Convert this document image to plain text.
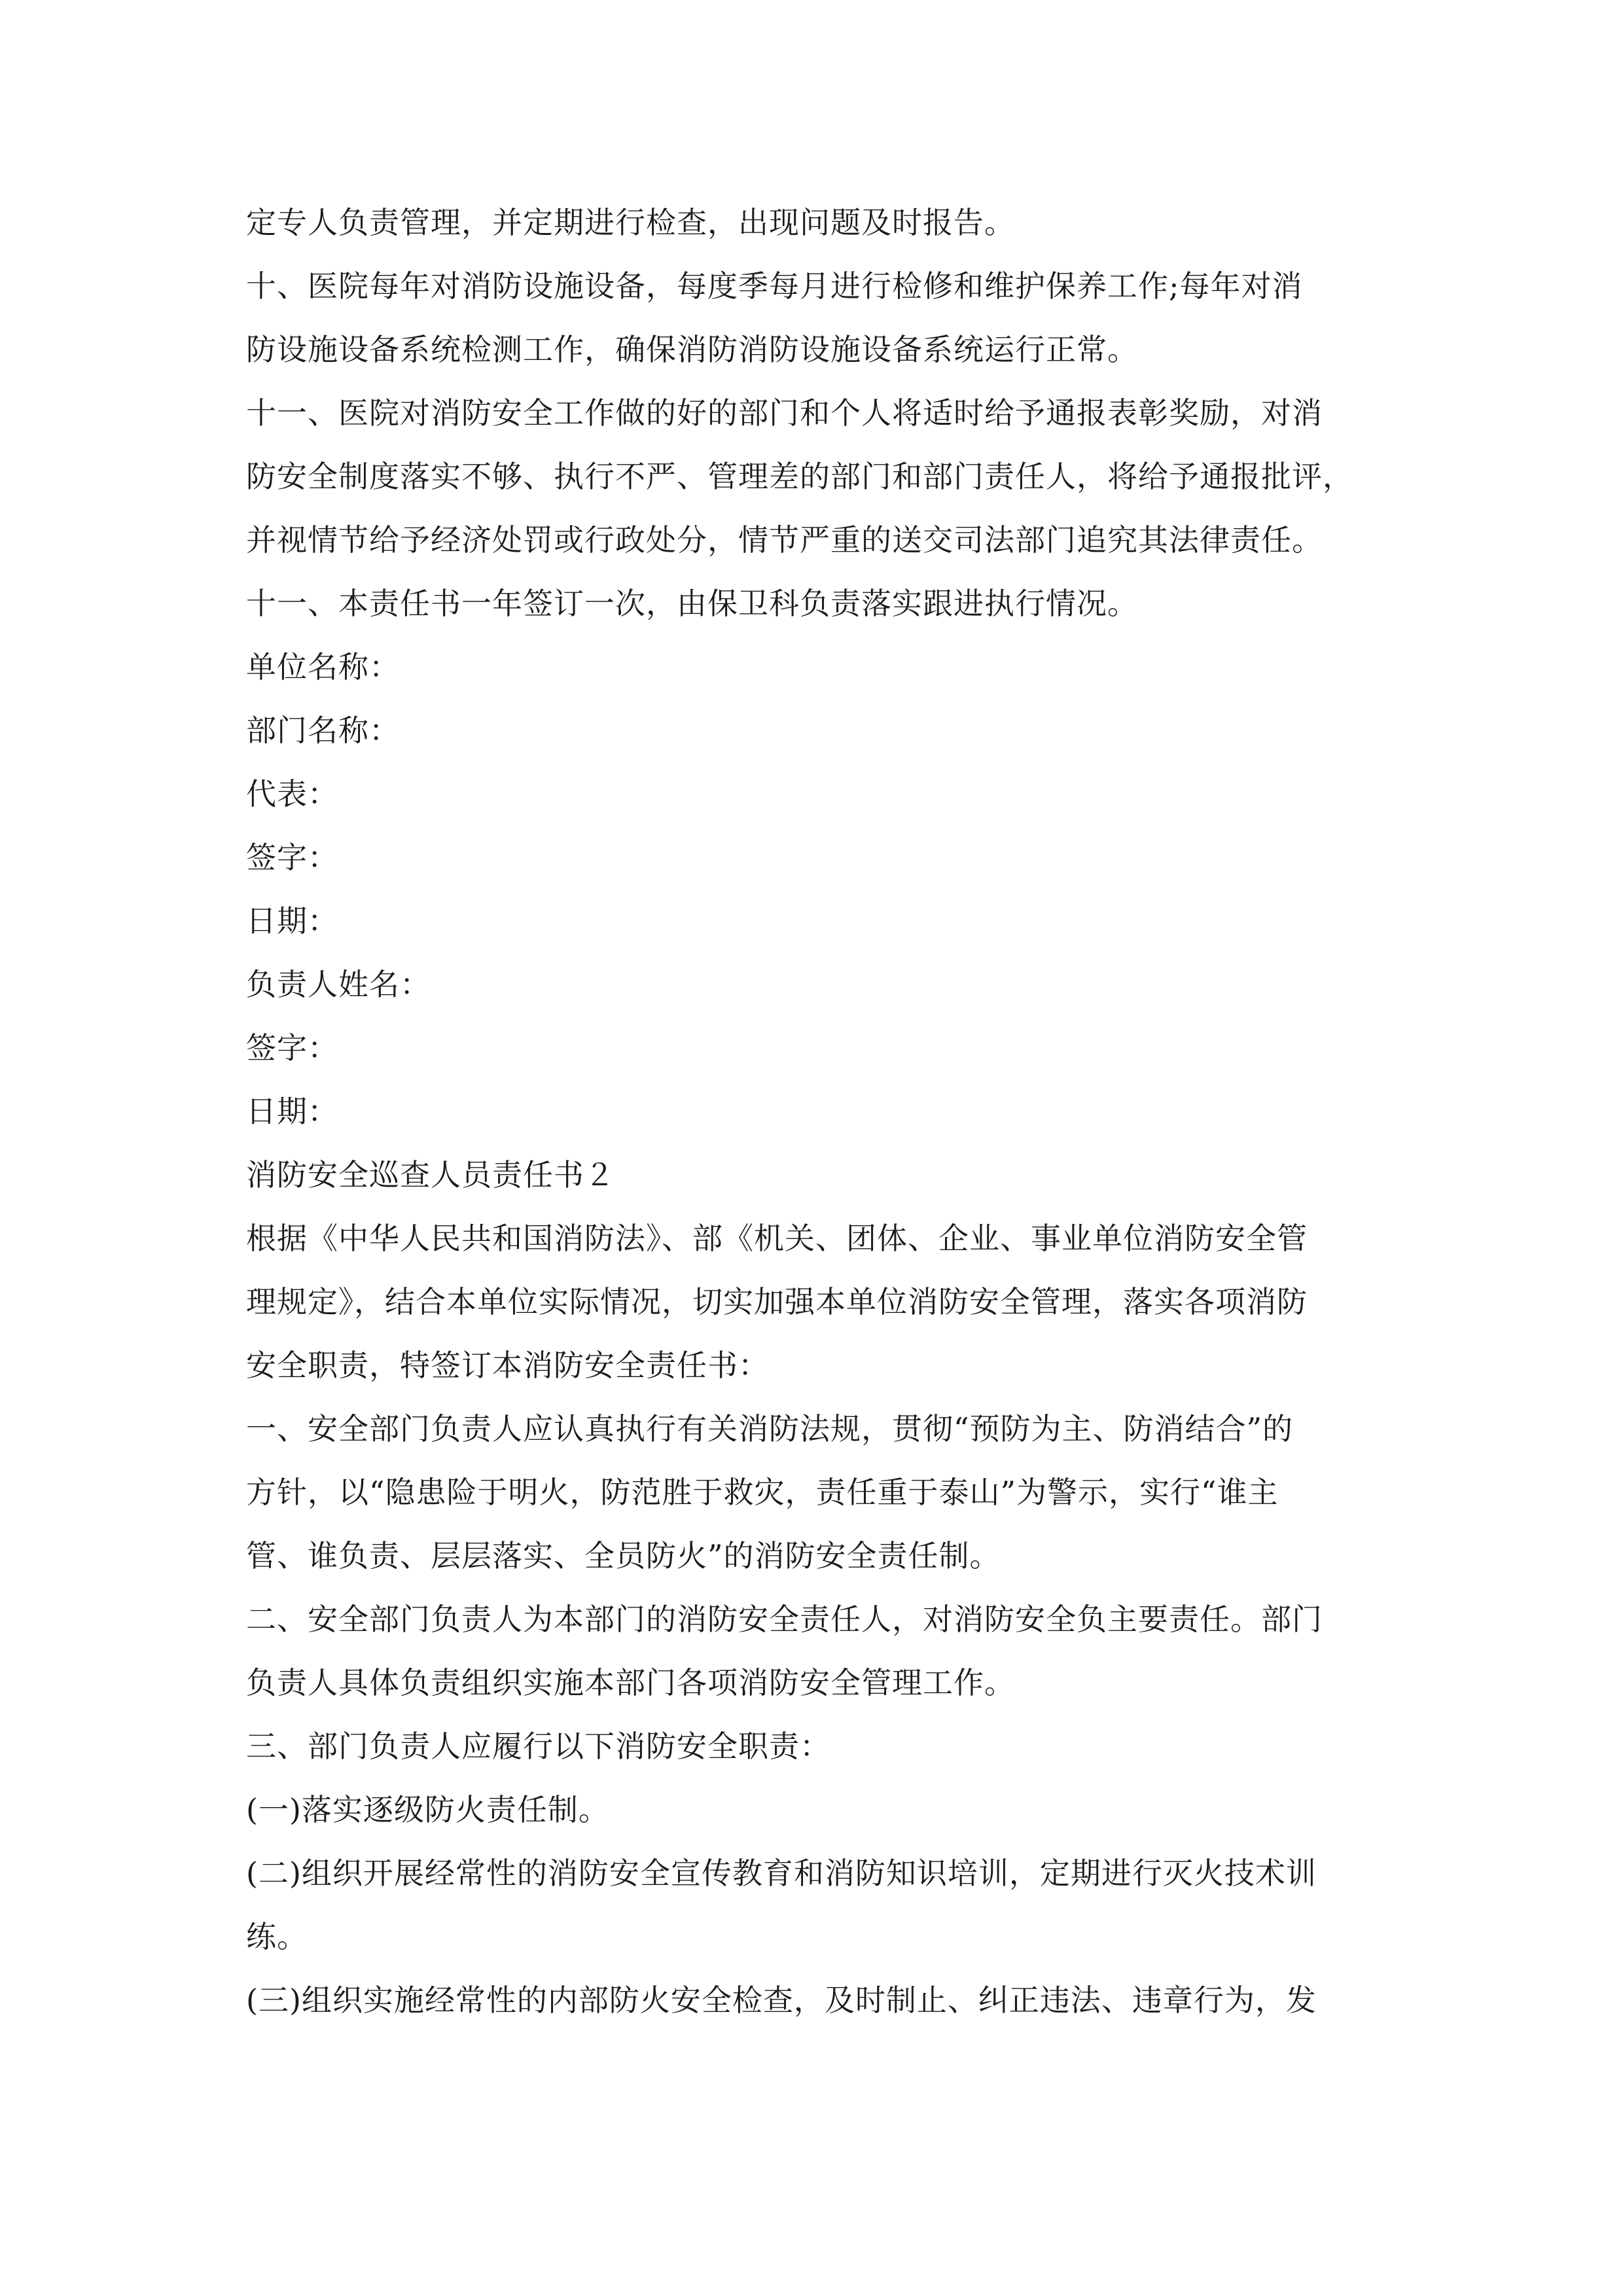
定专人负责管理，并定期进行检查，出现问题及时报告。
十、医院每年对消防设施设备，每度季每月进行检修和维护保养工作;每年对消
防设施设备系统检测工作，确保消防消防设施设备系统运行正常。
十一、医院对消防安全工作做的好的部门和个人将适时给予通报表彰奖励，对消
防安全制度落实不够、执行不严、管理差的部门和部门责任人，将给予通报批评，
并视情节给予经济处罚或行政处分，情节严重的送交司法部门追究其法律责任。
十一、本责任书一年签订一次，由保卫科负责落实跟进执行情况。
单位名称：
部门名称：
代表：
签字：
日期：
负责人姓名：
签字：
日期：
消防安全巡查人员责任书２
根据《中华人民共和国消防法》、部《机关、团体、企业、事业单位消防安全管
理规定》，结合本单位实际情况，切实加强本单位消防安全管理，落实各项消防
安全职责，特签订本消防安全责任书：
一、安全部门负责人应认真执行有关消防法规，贯彻“预防为主、防消结合”的
方针，以“隐患险于明火，防范胜于救灾，责任重于泰山”为警示，实行“谁主
管、谁负责、层层落实、全员防火”的消防安全责任制。
二、安全部门负责人为本部门的消防安全责任人，对消防安全负主要责任。部门
负责人具体负责组织实施本部门各项消防安全管理工作。
三、部门负责人应履行以下消防安全职责：
(一)落实逐级防火责任制。
(二)组织开展经常性的消防安全宣传教育和消防知识培训，定期进行灭火技术训
练。
(三)组织实施经常性的内部防火安全检查，及时制止、纠正违法、违章行为，发
